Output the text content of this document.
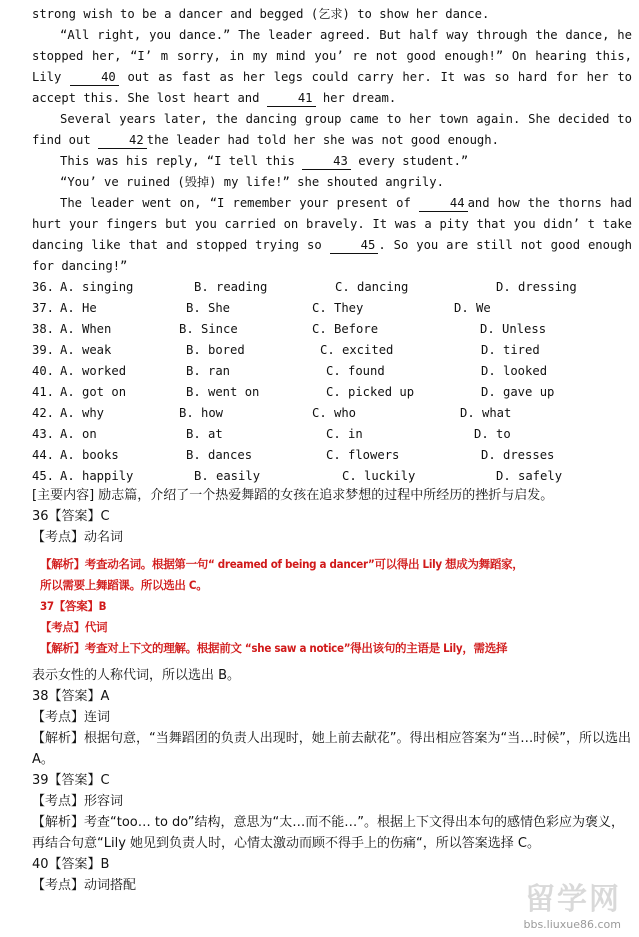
strong wish to be a dancer and begged (乞求) to show her dance.

“All right, you dance.” The leader agreed. But half way through the dance, he stopped her, “I’ m sorry, in my mind you’ re not good enough!” On hearing this, Lily	40 out as fast as her legs could carry her. It was so hard for her to accept this. She lost heart and	41 her dream.

Several years later, the dancing group came to her town again. She decided to find out	42 the leader had told her she was not good enough.

This was his reply, “I tell this	43 every student.”

“You’ ve ruined (毁掉) my life!” she shouted angrily.

The leader went on, “I remember your present of	44 and how the thorns had hurt your fingers but you carried on bravely. It was a pity that you didn’ t take dancing like that and stopped trying so	45 . So you are still not good enough for dancing!”

36. A. singing	B. reading	C. dancing	D. dressing
37. A. He	B. She	C. They	D. We
38. A. When	B. Since	C. Before	D. Unless
39. A. weak	B. bored	C. excited	D. tired
40. A. worked	B. ran	C. found	D. looked
41. A. got on	B. went on	C. picked up	D. gave up
42. A. why	B. how	C. who	D. what
43. A. on	B. at	C. in	D. to
44. A. books	B. dances	C. flowers	D. dresses
45. A. happily	B. easily	C. luckily	D. safely

[主要内容] 励志篇，介绍了一个热爱舞蹈的女孩在追求梦想的过程中所经历的挫折与启发。

36【答案】C

【考点】动名词

【解析】考查动名词。根据第一句“ dreamed of being a dancer”可以得出 Lily 想成为舞蹈家，

所以需要上舞蹈课。所以选出 C。

37【答案】B

【考点】代词

【解析】考查对上下文的理解。根据前文 “she saw a notice”得出该句的主语是 Lily，需选择

表示女性的人称代词，所以选出 B。

38【答案】A

【考点】连词

【解析】根据句意，“当舞蹈团的负责人出现时，她上前去献花”。得出相应答案为“当…时候”，所以选出 A。

39【答案】C

【考点】形容词

【解析】考查“too… to do”结构，意思为“太…而不能…”。根据上下文得出本句的感情色彩应为褒义，再结合句意“Lily 她见到负责人时，心情太激动而顾不得手上的伤痛“，所以答案选择 C。

40【答案】B

【考点】动词搭配	留学网
bbs.liuxue86.com
